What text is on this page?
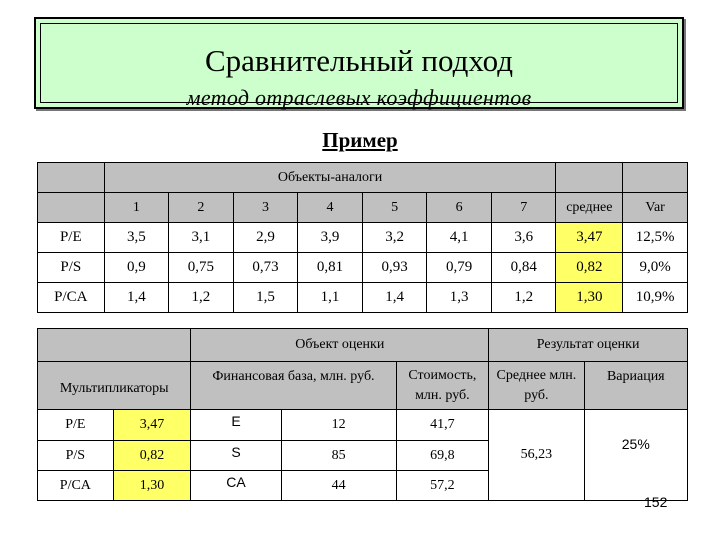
Сравнительный подход
метод отраслевых коэффициентов
Пример
	Объекты-аналоги								
	1	2	3	4	5	6	7	среднее	Var
P/E	3,5	3,1	2,9	3,9	3,2	4,1	3,6	3,47	12,5%
P/S	0,9	0,75	0,73	0,81	0,93	0,79	0,84	0,82	9,0%
P/CA	1,4	1,2	1,5	1,1	1,4	1,3	1,2	1,30	10,9%
		Объект оценки			Результат оценки	
Мультипликаторы		Финансовая база, млн. руб.		Стоимость, млн. руб.	Среднее млн. руб.	Вариация
P/E	3,47	E	12	41,7	56,23	25%
P/S	0,82	S	85	69,8		
P/CA	1,30	CA	44	57,2		
152
